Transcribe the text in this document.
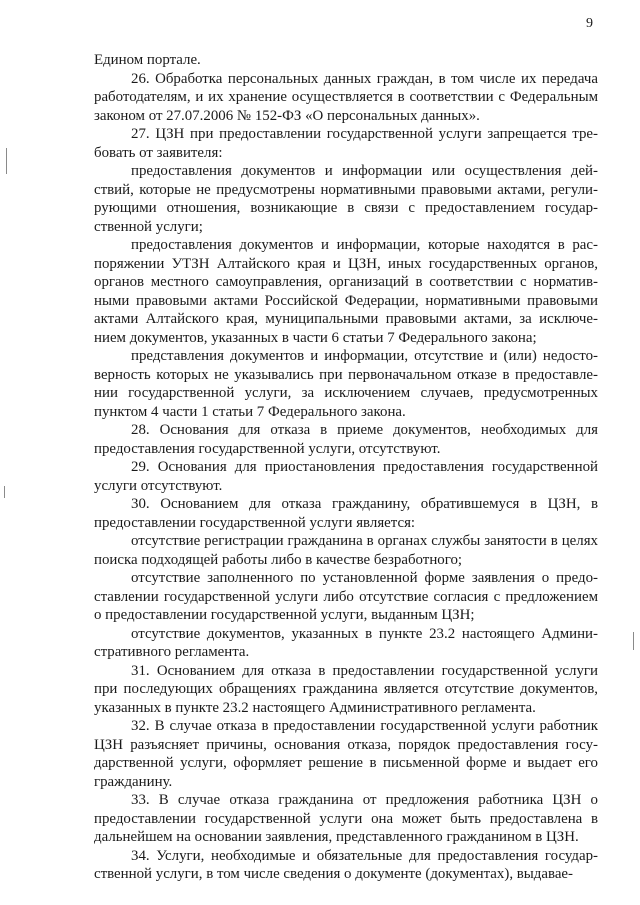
9

Едином портале.

26. Обработка персональных данных граждан, в том числе их передача работодателям, и их хранение осуществляется в соответствии с Федеральным законом от 27.07.2006 № 152-ФЗ «О персональных данных».

27. ЦЗН при предоставлении государственной услуги запрещается требовать от заявителя:

предоставления документов и информации или осуществления действий, которые не предусмотрены нормативными правовыми актами, регулирующими отношения, возникающие в связи с предоставлением государственной услуги;

предоставления документов и информации, которые находятся в распоряжении УТЗН Алтайского края и ЦЗН, иных государственных органов, органов местного самоуправления, организаций в соответствии с нормативными правовыми актами Российской Федерации, нормативными правовыми актами Алтайского края, муниципальными правовыми актами, за исключением документов, указанных в части 6 статьи 7 Федерального закона;

представления документов и информации, отсутствие и (или) недостоверность которых не указывались при первоначальном отказе в предоставлении государственной услуги, за исключением случаев, предусмотренных пунктом 4 части 1 статьи 7 Федерального закона.

28. Основания для отказа в приеме документов, необходимых для предоставления государственной услуги, отсутствуют.

29. Основания для приостановления предоставления государственной услуги отсутствуют.

30. Основанием для отказа гражданину, обратившемуся в ЦЗН, в предоставлении государственной услуги является:

отсутствие регистрации гражданина в органах службы занятости в целях поиска подходящей работы либо в качестве безработного;

отсутствие заполненного по установленной форме заявления о предоставлении государственной услуги либо отсутствие согласия с предложением о предоставлении государственной услуги, выданным ЦЗН;

отсутствие документов, указанных в пункте 23.2 настоящего Административного регламента.

31. Основанием для отказа в предоставлении государственной услуги при последующих обращениях гражданина является отсутствие документов, указанных в пункте 23.2 настоящего Административного регламента.

32. В случае отказа в предоставлении государственной услуги работник ЦЗН разъясняет причины, основания отказа, порядок предоставления государственной услуги, оформляет решение в письменной форме и выдает его гражданину.

33. В случае отказа гражданина от предложения работника ЦЗН о предоставлении государственной услуги она может быть предоставлена в дальнейшем на основании заявления, представленного гражданином в ЦЗН.

34. Услуги, необходимые и обязательные для предоставления государственной услуги, в том числе сведения о документе (документах), выдавае-
